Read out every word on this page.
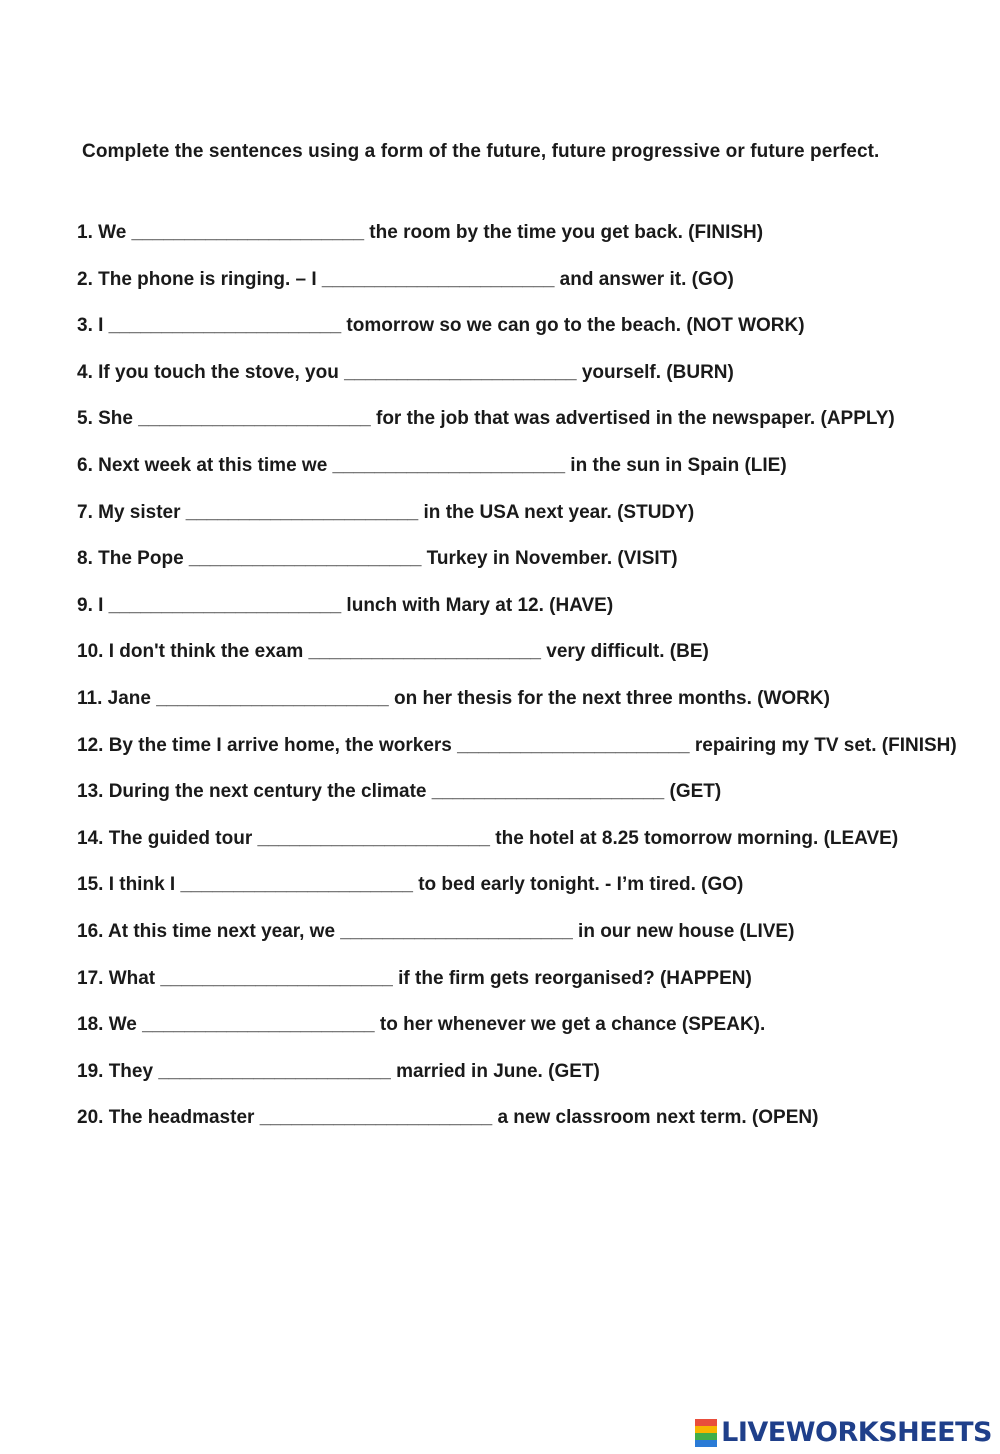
Complete the sentences using a form of the future, future progressive or future perfect.
1. We ______________________ the room by the time you get back. (FINISH)
2. The phone is ringing. – I ______________________ and answer it. (GO)
3. I ______________________ tomorrow so we can go to the beach. (NOT WORK)
4. If you touch the stove, you ______________________ yourself. (BURN)
5. She ______________________ for the job that was advertised in the newspaper. (APPLY)
6. Next week at this time we ______________________ in the sun in Spain (LIE)
7. My sister ______________________ in the USA next year. (STUDY)
8. The Pope ______________________ Turkey in November. (VISIT)
9. I ______________________ lunch with Mary at 12. (HAVE)
10. I don't think the exam ______________________ very difficult. (BE)
11. Jane ______________________ on her thesis for the next three months. (WORK)
12. By the time I arrive home, the workers ______________________ repairing my TV set. (FINISH)
13. During the next century the climate ______________________ (GET)
14. The guided tour ______________________ the hotel at 8.25 tomorrow morning. (LEAVE)
15. I think I ______________________ to bed early tonight. - I’m tired. (GO)
16. At this time next year, we ______________________ in our new house (LIVE)
17. What ______________________ if the firm gets reorganised? (HAPPEN)
18. We ______________________ to her whenever we get a chance (SPEAK).
19. They ______________________ married in June. (GET)
20. The headmaster ______________________ a new classroom next term. (OPEN)
LIVEWORKSHEETS
